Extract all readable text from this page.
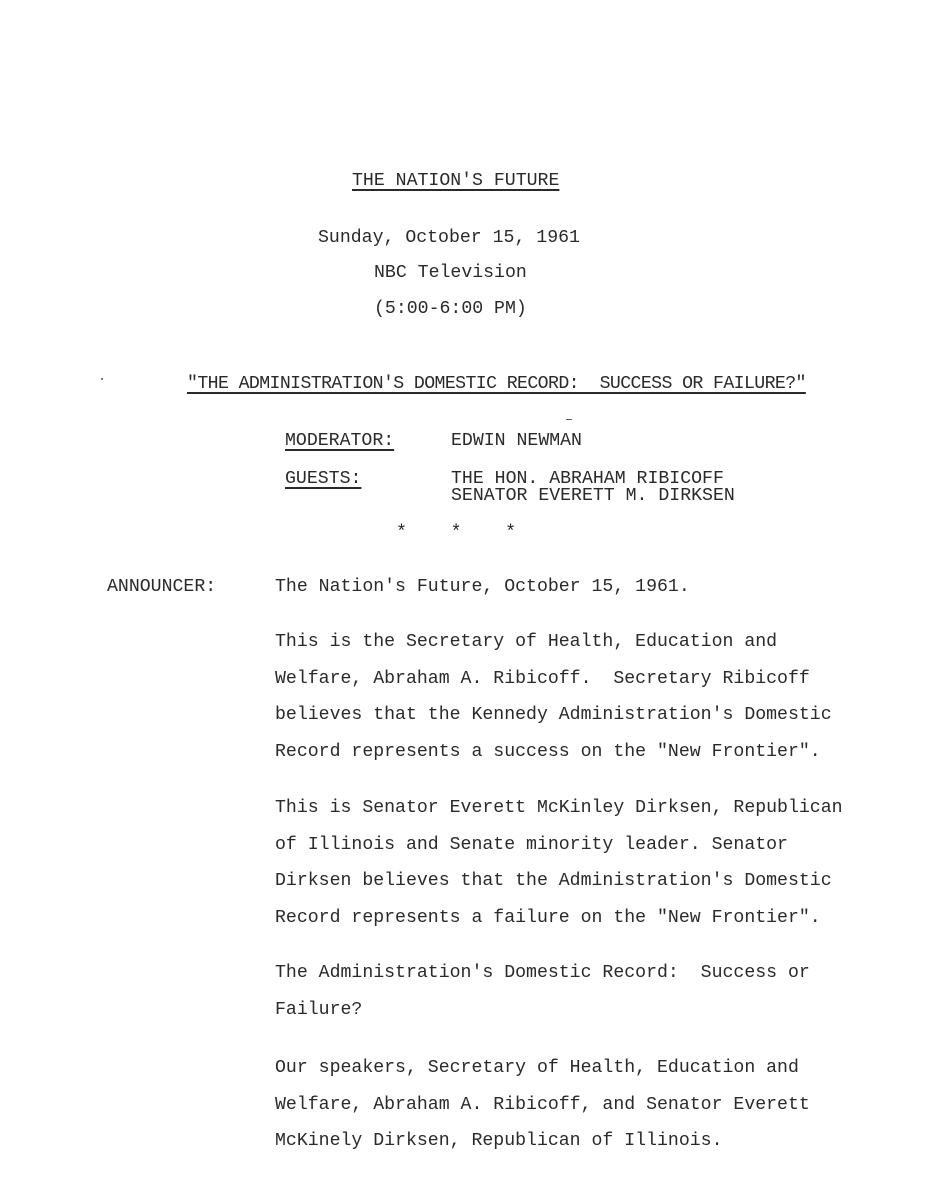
THE NATION'S FUTURE
Sunday, October 15, 1961
NBC Television
(5:00-6:00 PM)
"THE ADMINISTRATION'S DOMESTIC RECORD:  SUCCESS OR FAILURE?"
MODERATOR:	EDWIN NEWMAN
GUESTS:	THE HON. ABRAHAM RIBICOFF
SENATOR EVERETT M. DIRKSEN
*    *    *
ANNOUNCER:	The Nation's Future, October 15, 1961.
This is the Secretary of Health, Education and
Welfare, Abraham A. Ribicoff.  Secretary Ribicoff
believes that the Kennedy Administration's Domestic
Record represents a success on the "New Frontier".
This is Senator Everett McKinley Dirksen, Republican
of Illinois and Senate minority leader. Senator
Dirksen believes that the Administration's Domestic
Record represents a failure on the "New Frontier".
The Administration's Domestic Record:  Success or
Failure?
Our speakers, Secretary of Health, Education and
Welfare, Abraham A. Ribicoff, and Senator Everett
McKinely Dirksen, Republican of Illinois.
